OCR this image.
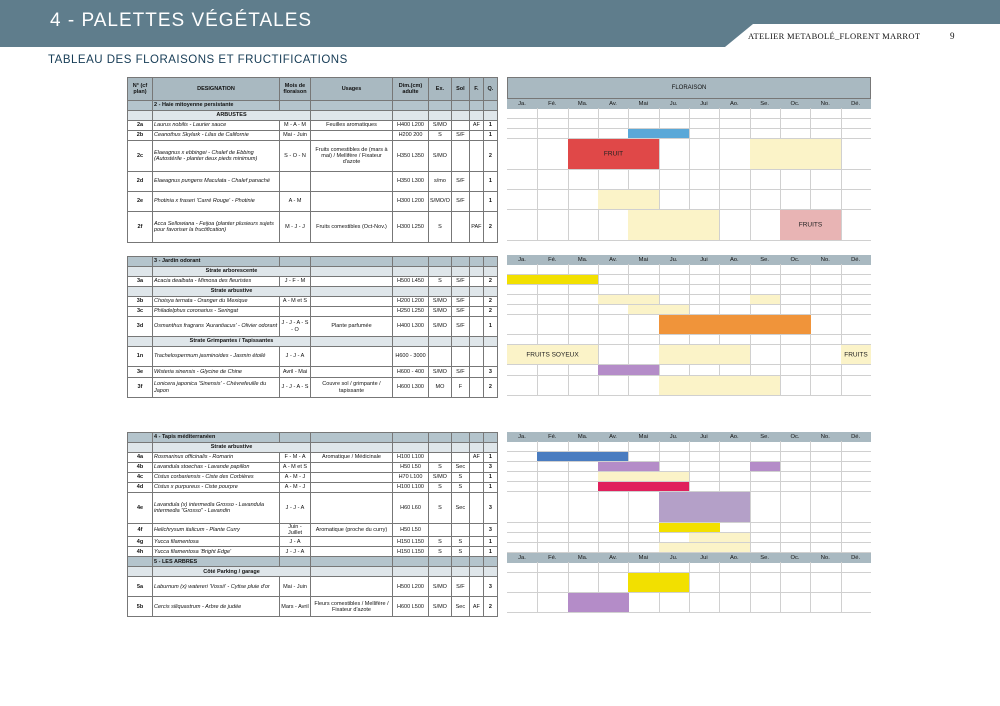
4 - PALETTES VÉGÉTALES
ATELIER METABOLÉ_FLORENT MARROT	9
TABLEAU DES FLORAISONS ET FRUCTIFICATIONS
N° (cf plan)	DESIGNATION	Mois de floraison	Usages	Dim.(cm) adulte	Ex.	Sol	F.	Q.
	2 - Haie mitoyenne persistante							
	ARBUSTES							
2a	Laurus nobilis - Laurier sauce	M - A - M	Feuilles aromatiques	H400 L200	S/MO		AF	1
2b	Ceanothus Skylark - Lilas de Californie	Mai - Juin		H200 200	S	S/F		1
2c	Elaeagnus x ebbingei - Chalef de Ebbing (Autostérile - planter deux pieds minimum)	S - O - N	Fruits comestibles de (mars à mai) / Mellifère / Fixateur d'azote	H350 L350	S/MO			2
2d	Elaeagnus pungens Maculata - Chalef panaché			H350 L300	s/mo	S/F		1
2e	Photinia x fraseri 'Carré Rouge' - Photinie	A - M		H300 L200	S/MO/O	S/F		1
2f	Acca Sellowiana - Feijoa (planter plusieurs sujets pour favoriser la fructification)	M - J - J	Fruits comestibles (Oct-Nov.)	H300 L250	S		PAF	2

	3 - Jardin odorant							
	Strate arborescente							
3a	Acacia dealbata - Mimosa des fleuristes	J - F - M		H500 L450	S	S/F		2
	Strate arbustive							
3b	Choisya ternata - Oranger du Mexique	A - M et S		H200 L200	S/MO	S/F		2
3c	Philadelphus coronarius - Seringat			H250 L250	S/MO	S/F		2
3d	Osmanthus fragrans 'Aurantiacus' - Olivier odorant	J - J - A - S - O	Plante parfumée	H400 L300	S/MO	S/F		1
	Strate Grimpantes / Tapissantes							
1n	Trachelospermum jasminoides - Jasmin étoilé	J - J - A		H600 - 3000				
3e	Wisteria sinensis - Glycine de Chine	Avril - Mai		H600 - 400	S/MO	S/F		3
3f	Lonicera japonica 'Sinensis' - Chèvrefeuille du Japon	J - J - A - S	Couvre sol / grimpante / tapissante	H600 L300	MO	F		2

	4 - Tapis méditerranéen							
	Strate arbustive							
4a	Rosmarinus officinalis - Romarin	F - M - A	Aromatique / Médicinale	H100 L100			AF	1
4b	Lavandula stoechas - Lavande papillon	A - M et S		H50 L50	S	Sec		3
4c	Cistus corbariensis - Ciste des Corbières	A - M - J		H70 L100	S/MO	S		1
4d	Cistus x purpureus - Ciste pourpre	A - M - J		H100 L100	S	S		1
4e	Lavandula (x) intermedia Grosso - Lavandula intermedia "Grosso" - Lavandin	J - J - A		H60 L60	S	Sec		3
4f	Helichrysum italicum - Plante Curry	Juin - Juillet	Aromatique (proche du curry)	H50 L50				3
4g	Yucca filamentosa	J - A		H150 L150	S	S		1
4h	Yucca filamentosa 'Bright Edge'	J - J - A		H150 L150	S	S		1
	5 - LES ARBRES							
	Côté Parking / garage							
5a	Laburnum (x) watereri 'Vossii' - Cytise pluie d'or	Mai - Juin		H500 L200	S/MO	S/F		3
5b	Cercis siliquastrum - Arbre de judée	Mars - Avril	Fleurs comestibles / Mellifère / Fixateur d'azote	H600 L500	S/MO	Sec	AF	2
FLORAISON
Ja.	Fé.	Ma.	Av.	Mai	Ju.	Jui	Ao.	Se.	Oc.	No.	Dé.
FRUIT
FRUITS
Ja.	Fé.	Ma.	Av.	Mai	Ju.	Jui	Ao.	Se.	Oc.	No.	Dé.
FRUITS SOYEUX	FRUITS
Ja.	Fé.	Ma.	Av.	Mai	Ju.	Jui	Ao.	Se.	Oc.	No.	Dé.
Ja.	Fé.	Ma.	Av.	Mai	Ju.	Jui	Ao.	Se.	Oc.	No.	Dé.
